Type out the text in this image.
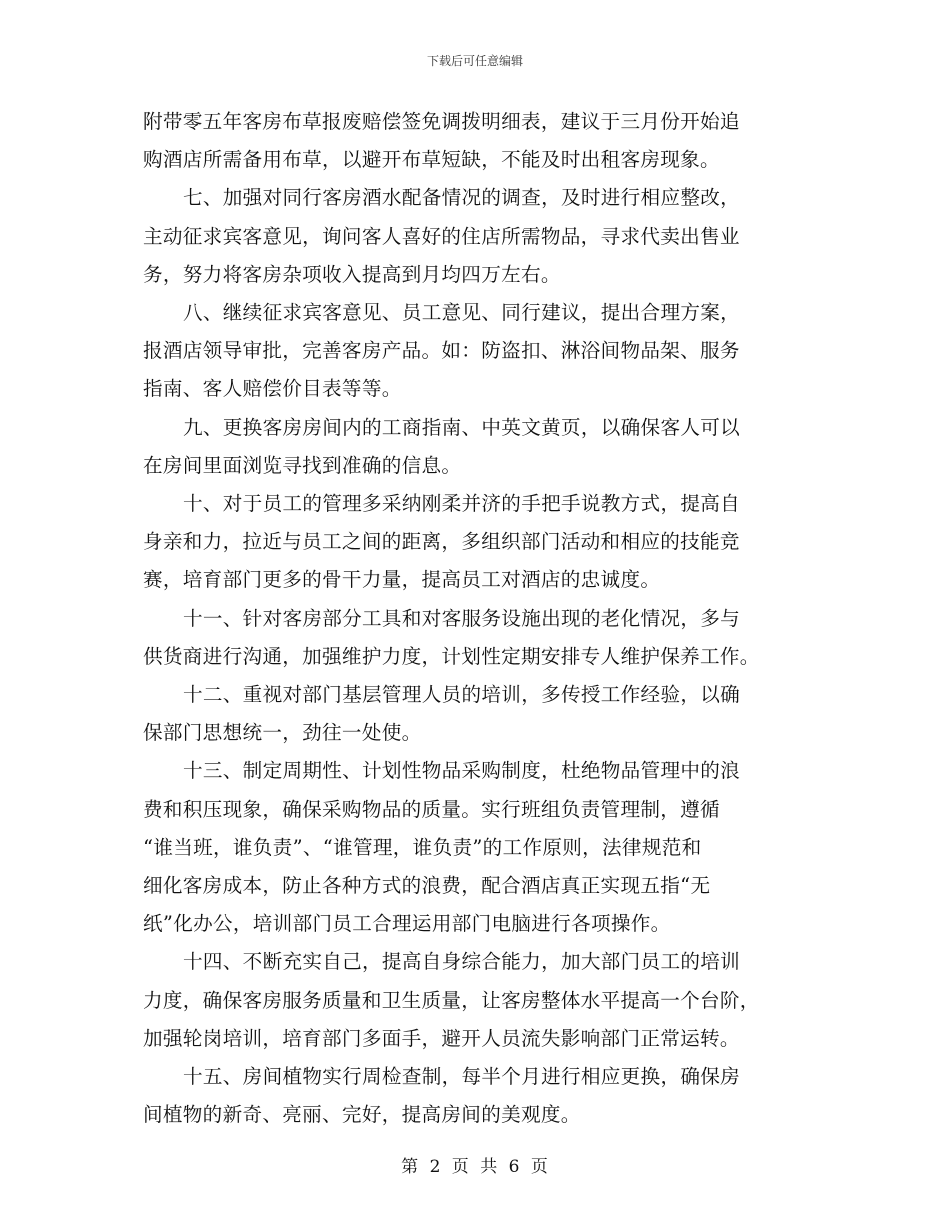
下载后可任意编辑
附带零五年客房布草报废赔偿签免调拨明细表，建议于三月份开始追
购酒店所需备用布草，以避开布草短缺，不能及时出租客房现象。
七、加强对同行客房酒水配备情况的调查，及时进行相应整改，
主动征求宾客意见，询问客人喜好的住店所需物品，寻求代卖出售业
务，努力将客房杂项收入提高到月均四万左右。
八、继续征求宾客意见、员工意见、同行建议，提出合理方案，
报酒店领导审批，完善客房产品。如：防盗扣、淋浴间物品架、服务
指南、客人赔偿价目表等等。
九、更换客房房间内的工商指南、中英文黄页，以确保客人可以
在房间里面浏览寻找到准确的信息。
十、对于员工的管理多采纳刚柔并济的手把手说教方式，提高自
身亲和力，拉近与员工之间的距离，多组织部门活动和相应的技能竞
赛，培育部门更多的骨干力量，提高员工对酒店的忠诚度。
十一、针对客房部分工具和对客服务设施出现的老化情况，多与
供货商进行沟通，加强维护力度，计划性定期安排专人维护保养工作。
十二、重视对部门基层管理人员的培训，多传授工作经验，以确
保部门思想统一，劲往一处使。
十三、制定周期性、计划性物品采购制度，杜绝物品管理中的浪
费和积压现象，确保采购物品的质量。实行班组负责管理制，遵循
“谁当班，谁负责”、“谁管理，谁负责”的工作原则，法律规范和
细化客房成本，防止各种方式的浪费，配合酒店真正实现五指“无
纸”化办公，培训部门员工合理运用部门电脑进行各项操作。
十四、不断充实自己，提高自身综合能力，加大部门员工的培训
力度，确保客房服务质量和卫生质量，让客房整体水平提高一个台阶，
加强轮岗培训，培育部门多面手，避开人员流失影响部门正常运转。
十五、房间植物实行周检查制，每半个月进行相应更换，确保房
间植物的新奇、亮丽、完好，提高房间的美观度。
第 2 页 共 6 页
